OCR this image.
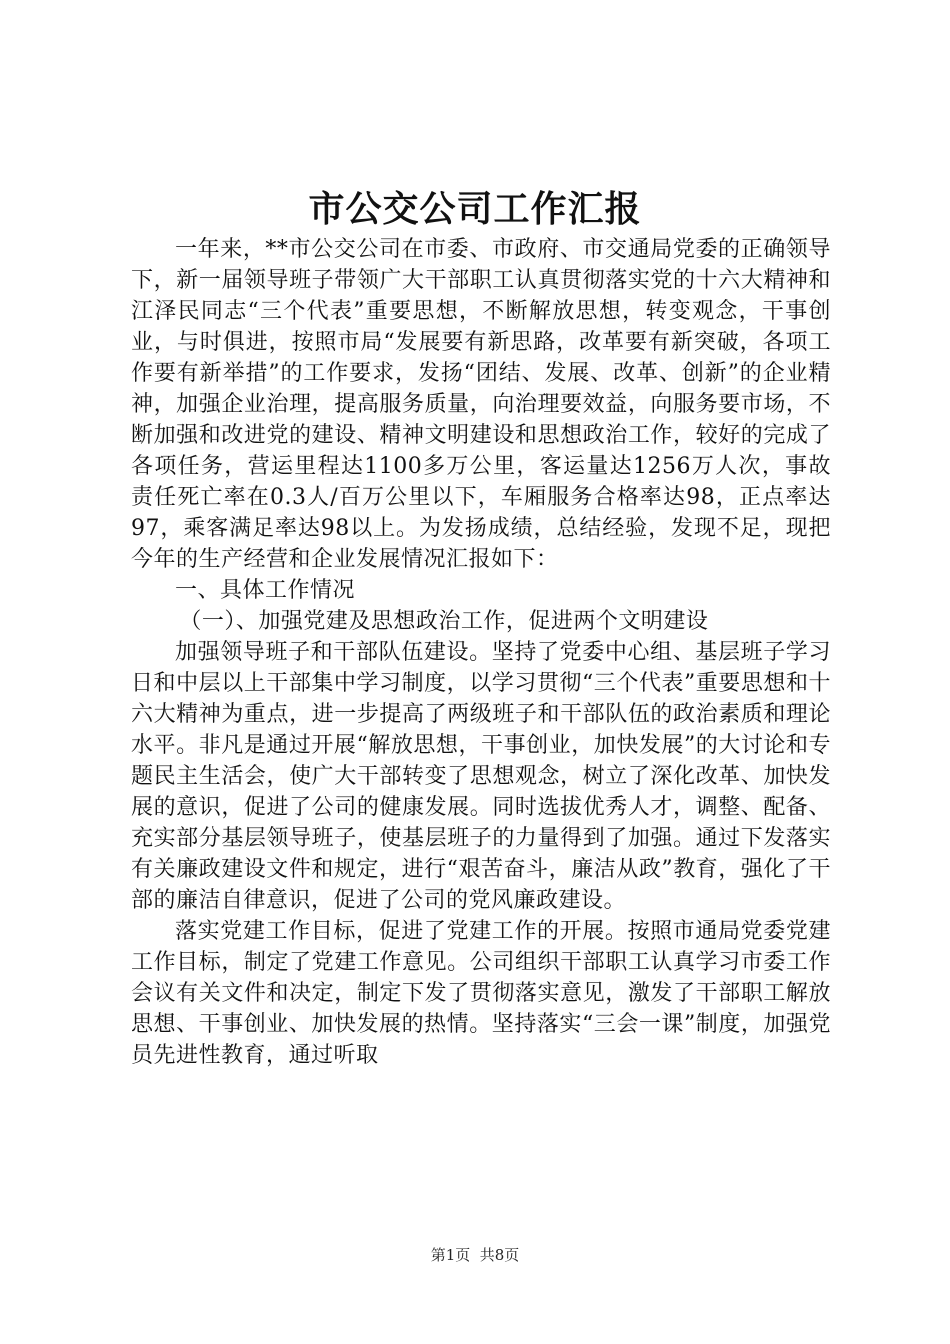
市公交公司工作汇报

一年来，**市公交公司在市委、市政府、市交通局党委的正确领导下，新一届领导班子带领广大干部职工认真贯彻落实党的十六大精神和江泽民同志“三个代表”重要思想，不断解放思想，转变观念，干事创业，与时俱进，按照市局“发展要有新思路，改革要有新突破，各项工作要有新举措”的工作要求，发扬“团结、发展、改革、创新”的企业精神，加强企业治理，提高服务质量，向治理要效益，向服务要市场，不断加强和改进党的建设、精神文明建设和思想政治工作，较好的完成了各项任务，营运里程达1100多万公里，客运量达1256万人次，事故责任死亡率在0.3人/百万公里以下，车厢服务合格率达98，正点率达97，乘客满足率达98以上。为发扬成绩，总结经验，发现不足，现把今年的生产经营和企业发展情况汇报如下：

一、具体工作情况

（一）、加强党建及思想政治工作，促进两个文明建设

加强领导班子和干部队伍建设。坚持了党委中心组、基层班子学习日和中层以上干部集中学习制度，以学习贯彻“三个代表”重要思想和十六大精神为重点，进一步提高了两级班子和干部队伍的政治素质和理论水平。非凡是通过开展“解放思想，干事创业，加快发展”的大讨论和专题民主生活会，使广大干部转变了思想观念，树立了深化改革、加快发展的意识，促进了公司的健康发展。同时选拔优秀人才，调整、配备、充实部分基层领导班子，使基层班子的力量得到了加强。通过下发落实有关廉政建设文件和规定，进行“艰苦奋斗，廉洁从政”教育，强化了干部的廉洁自律意识，促进了公司的党风廉政建设。

落实党建工作目标，促进了党建工作的开展。按照市通局党委党建工作目标，制定了党建工作意见。公司组织干部职工认真学习市委工作会议有关文件和决定，制定下发了贯彻落实意见，激发了干部职工解放思想、干事创业、加快发展的热情。坚持落实“三会一课”制度，加强党员先进性教育，通过听取

第1页  共8页
